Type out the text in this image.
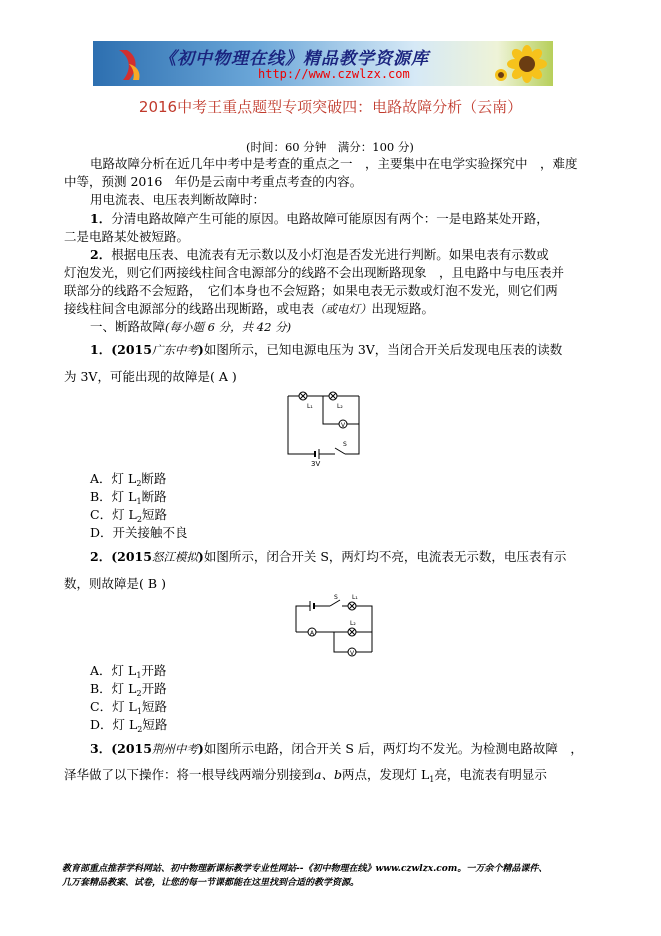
《初中物理在线》精品教学资源库
http://www.czwlzx.com
2016中考王重点题型专项突破四：电路故障分析（云南）
(时间：60 分钟　满分：100 分)
电路故障分析在近几年中考中是考查的重点之一　，主要集中在电学实验探究中　，难度
中等，预测 2016　年仍是云南中考重点考查的内容。
用电流表、电压表判断故障时：
1．分清电路故障产生可能的原因。电路故障可能原因有两个：一是电路某处开路，
二是电路某处被短路。
2．根据电压表、电流表有无示数以及小灯泡是否发光进行判断。如果电表有示数或
灯泡发光，则它们两接线柱间含电源部分的线路不会出现断路现象　，且电路中与电压表并
联部分的线路不会短路，　它们本身也不会短路；如果电表无示数或灯泡不发光，则它们两
接线柱间含电源部分的线路出现断路，或电表（或电灯）出现短路。
一、断路故障(每小题 6 分，共 42 分)
1．(2015广东中考)如图所示，已知电源电压为 3V，当闭合开关后发现电压表的读数
为 3V，可能出现的故障是( A )
L₁	L₂
V
S
3V
A．灯 $L_2$断路
B．灯 $L_1$断路
C．灯 $L_2$短路
D．开关接触不良
2．(2015怒江模拟)如图所示，闭合开关 S，两灯均不亮，电流表无示数，电压表有示
数，则故障是( B )
L₁
L₂
A
V
S
A．灯 $L_1$开路
B．灯 $L_2$开路
C．灯 $L_1$短路
D．灯 $L_2$短路
3．(2015荆州中考)如图所示电路，闭合开关 S 后，两灯均不发光。为检测电路故障　，
泽华做了以下操作：将一根导线两端分别接到a、b两点，发现灯 $L_1$亮，电流表有明显示
教育部重点推荐学科网站、初中物理新课标教学专业性网站--《初中物理在线》www.czwlzx.com。一万余个精品课件、
几万套精品教案、试卷，让您的每一节课都能在这里找到合适的教学资源。
